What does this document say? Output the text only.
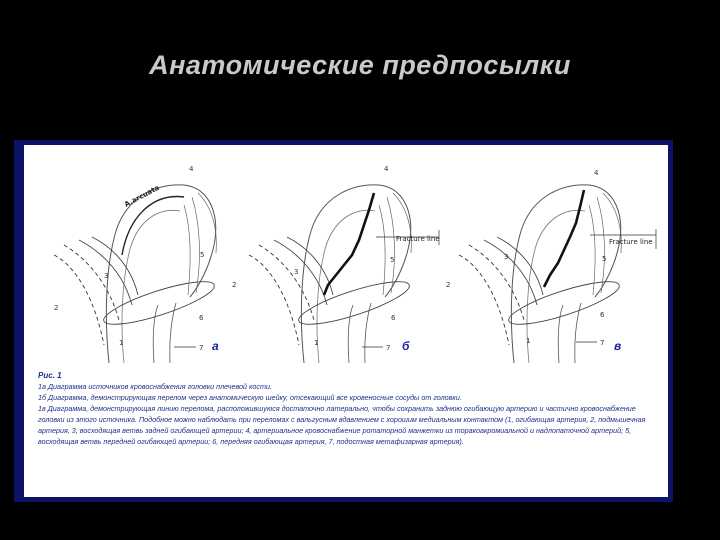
Анатомические предпосылки
A.arcuata
4
5
3
2
6
1
7 а
Fracture line
4
5
3
2
6
1
7 б
Fracture line
4
5
3
2
6
1	7 в

Рис. 1

1а Диаграмма источников кровоснабжения головки плечевой кости.

1б Диаграмма, демонстрирующая перелом через анатомическую шейку, отсекающий все кровеносные сосуды от головки.

1в Диаграмма, демонстрирующая линию перелома, расположившуюся достаточно латерально, чтобы сохранить заднюю огибающую артерию и частично кровоснабжение головки из этого источника. Подобное можно наблюдать при переломах с вальгусным вдавлением с хорошим медиальным контактом (1, огибающая артерия, 2, подмышечная артерия, 3, восходящая ветвь задней огибающей артерии; 4, артериальное кровоснабжение ротаторной манжетки из торакоакромиальной и надлопаточной артерий; 5, восходящая ветвь передней огибающей артерии; 6, передняя огибающая артерия, 7, подостная метафизарная артерия).
